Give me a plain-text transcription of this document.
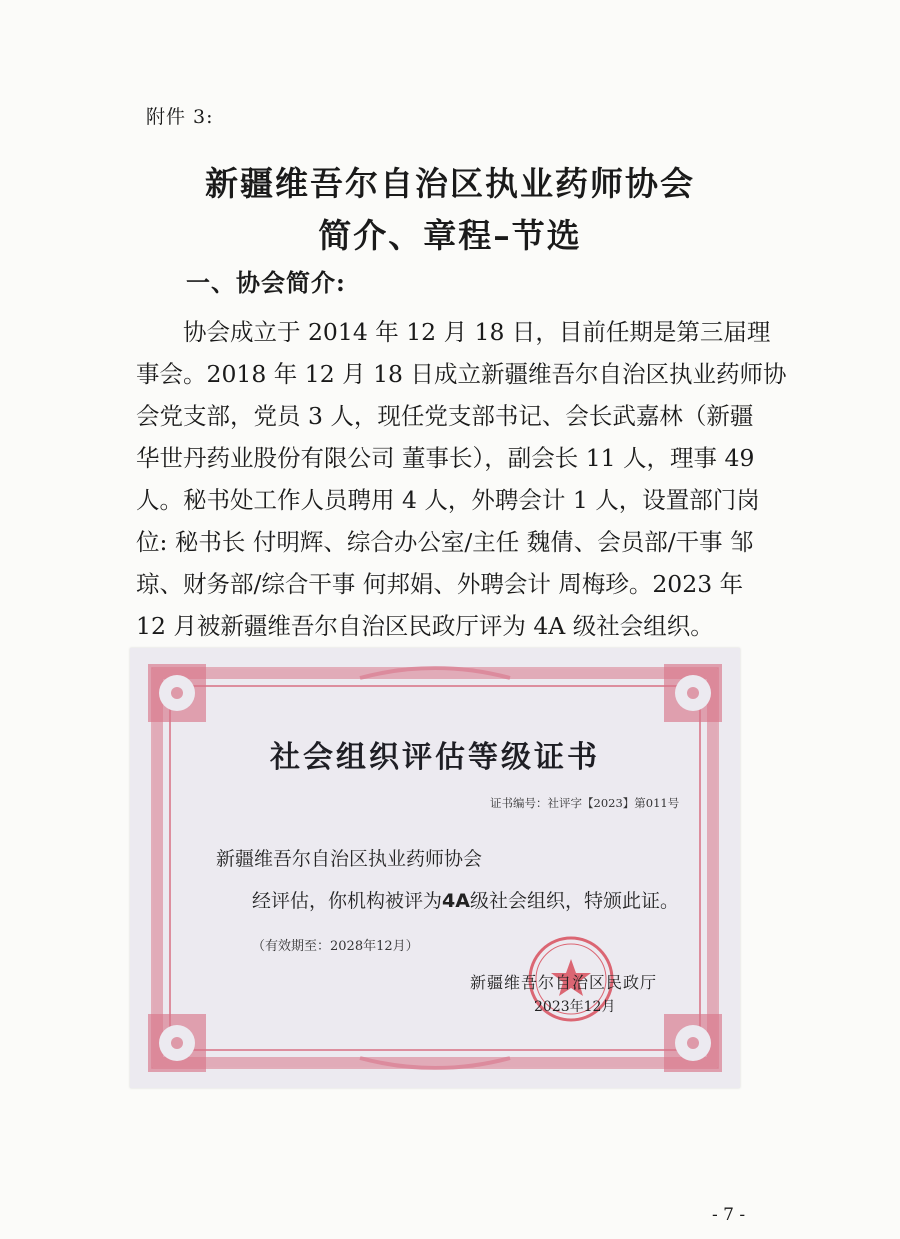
附件 3:
新疆维吾尔自治区执业药师协会
简介、章程–节选
一、协会简介:
　　协会成立于 2014 年 12 月 18 日，目前任期是第三届理
事会。2018 年 12 月 18 日成立新疆维吾尔自治区执业药师协
会党支部，党员 3 人，现任党支部书记、会长武嘉林（新疆
华世丹药业股份有限公司 董事长），副会长 11 人，理事 49
人。秘书处工作人员聘用 4 人，外聘会计 1 人，设置部门岗
位: 秘书长 付明辉、综合办公室/主任 魏倩、会员部/干事 邹
琼、财务部/综合干事 何邦娟、外聘会计 周梅珍。2023 年
12 月被新疆维吾尔自治区民政厅评为 4A 级社会组织。
社会组织评估等级证书
证书编号：社评字【2023】第011号
新疆维吾尔自治区执业药师协会
经评估，你机构被评为4A级社会组织，特颁此证。
（有效期至：2028年12月）
新疆维吾尔自治区民政厅
2023年12月
- 7 -
